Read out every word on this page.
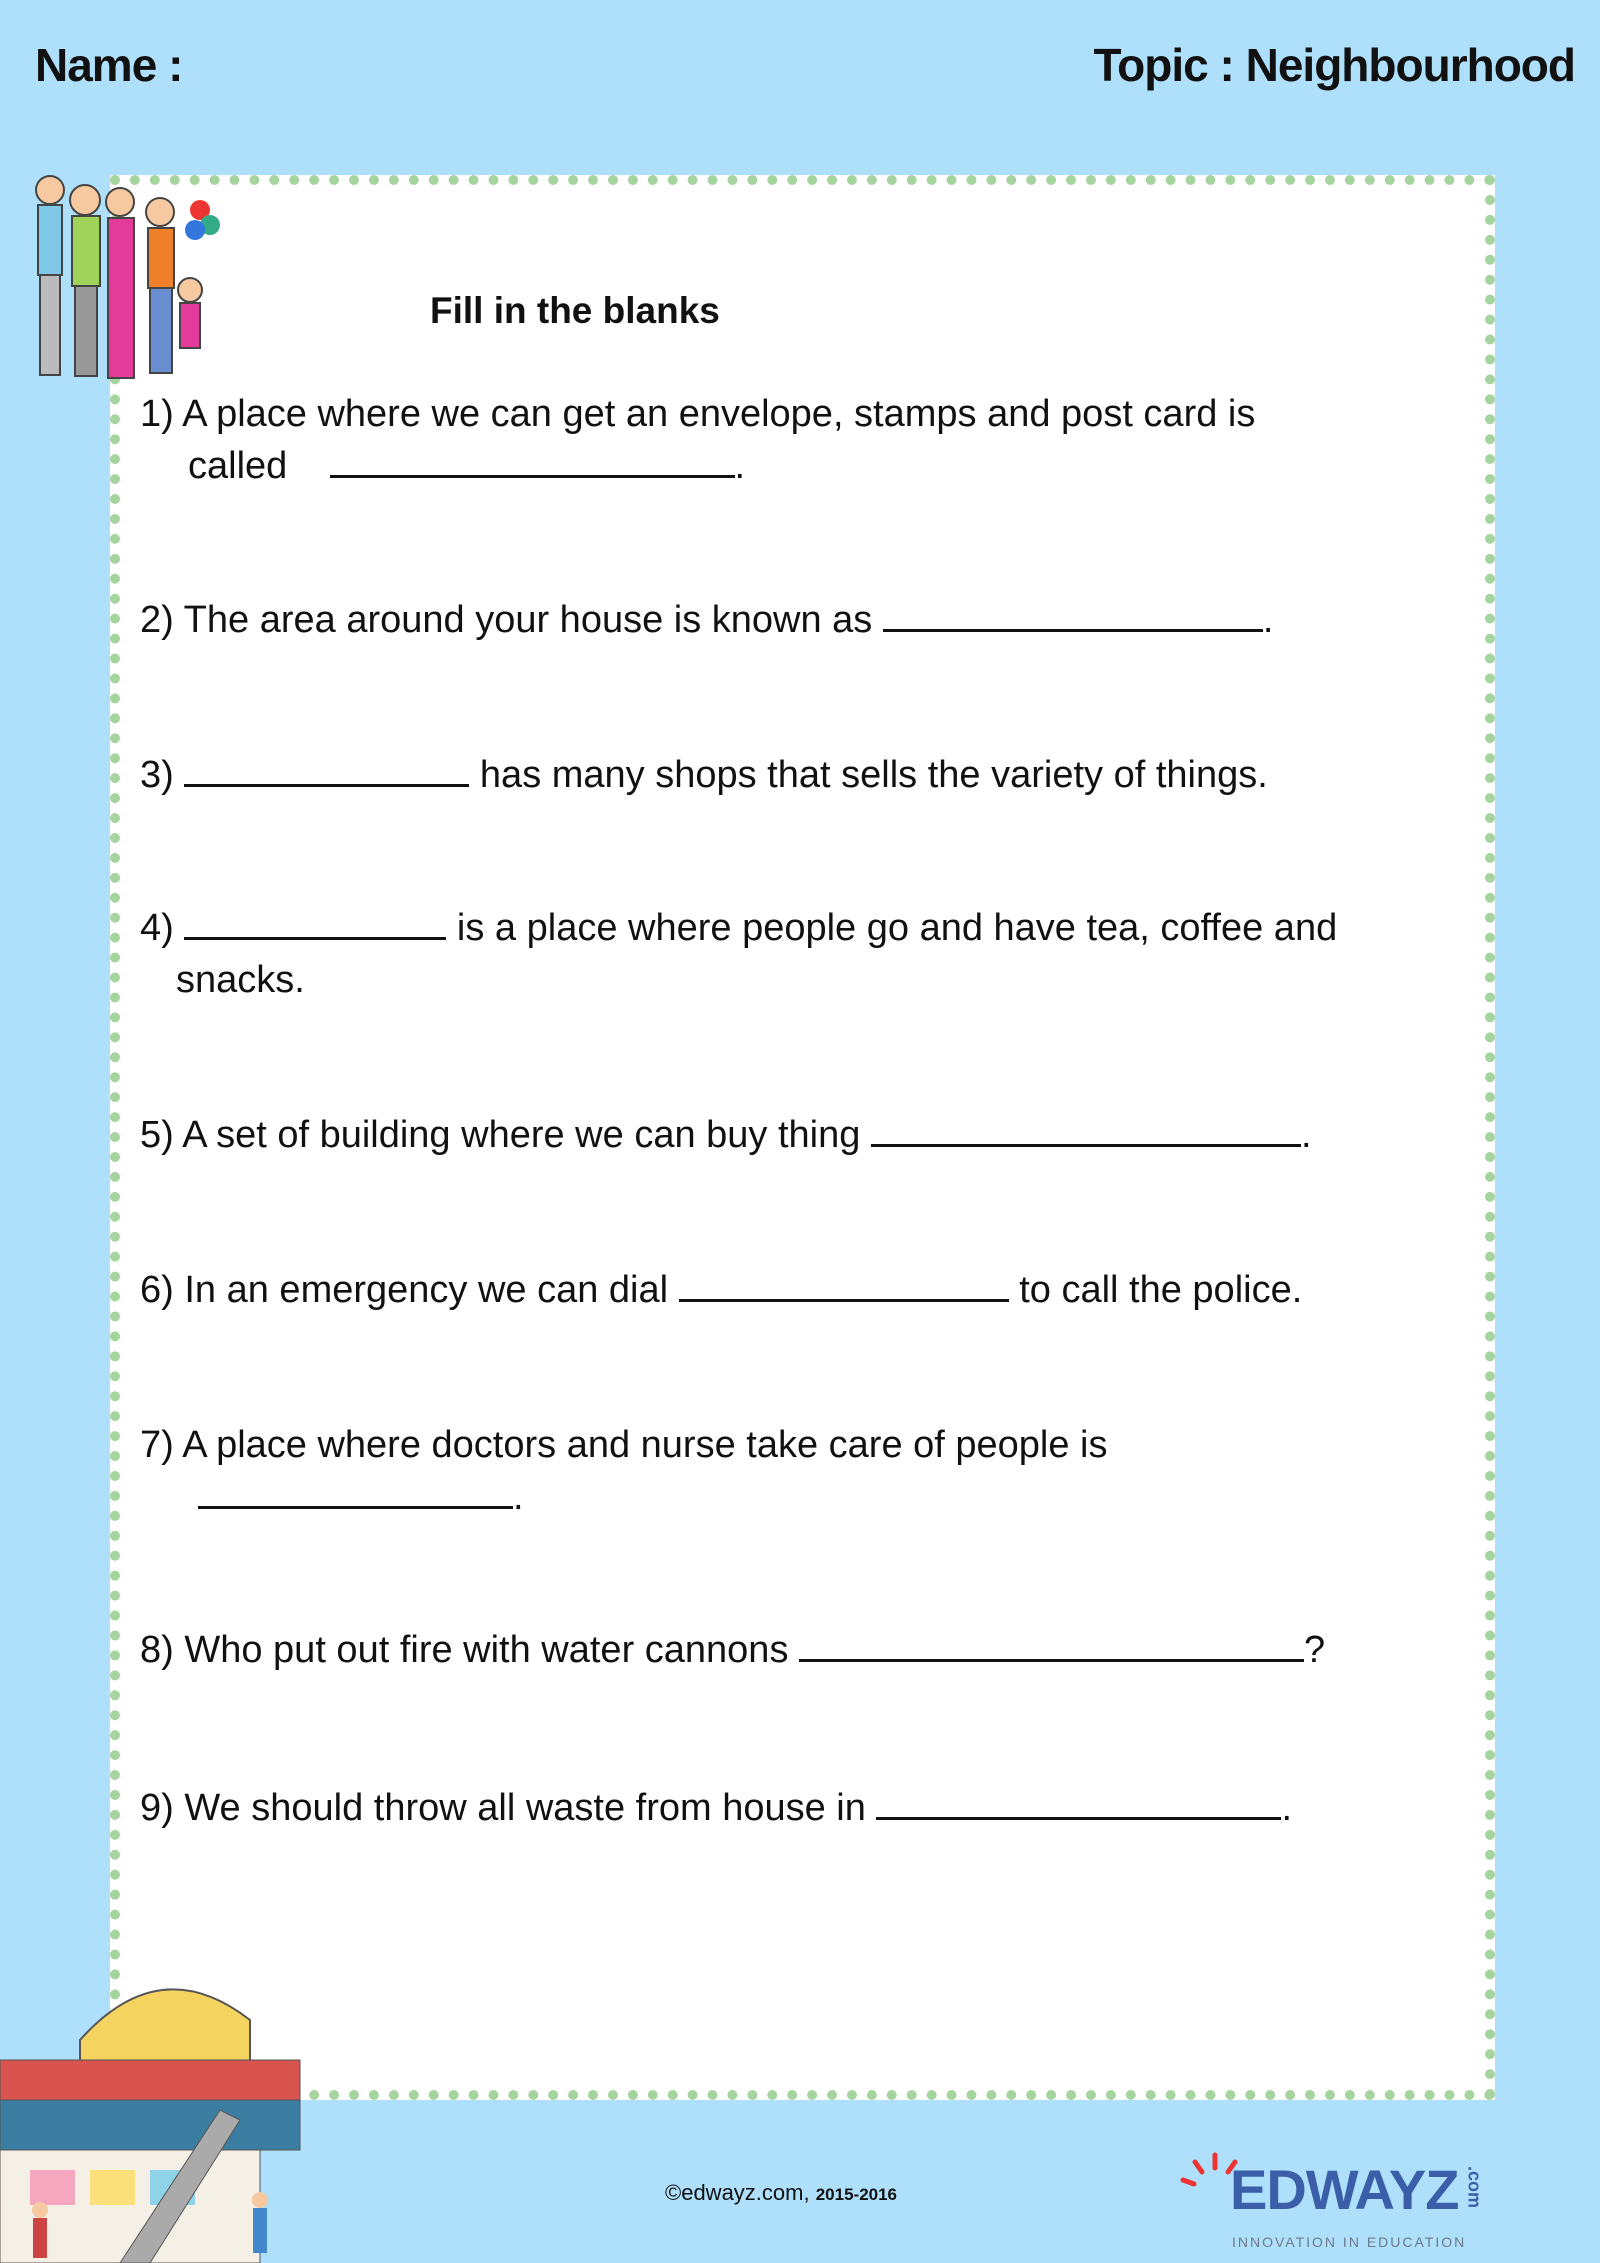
Name :	Topic : Neighbourhood
Fill in the blanks
1) A place where we can get an envelope, stamps and post card is
called	.
2) The area around your house is known as	.
3)	has many shops that sells the variety of things.
4)	is a place where people go and have tea, coffee and
snacks.
5) A set of building where we can buy thing	.
6) In an emergency we can dial	to call the police.
7) A place where doctors and nurse take care of people is
.
8) Who put out fire with water cannons	?
9) We should throw all waste from house in	.
©edwayz.com, 2015-2016	EDWAYZ .com
INNOVATION IN EDUCATION
